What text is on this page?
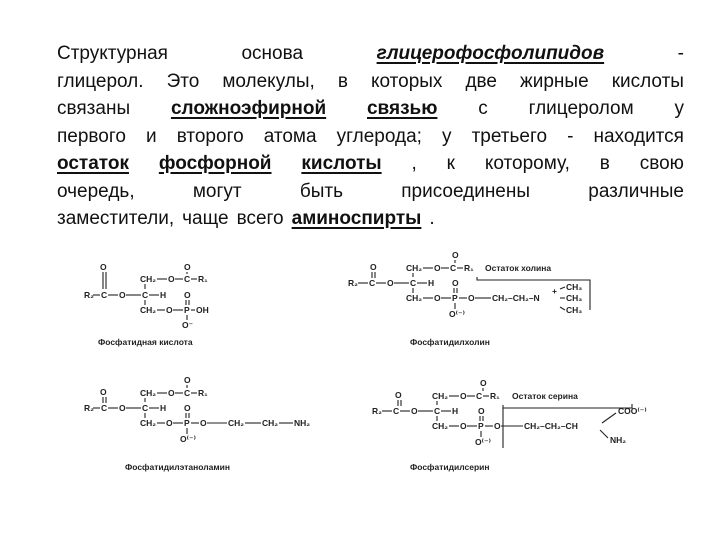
Структурная	основа	глицерофосфолипидов	-
глицерол. Это молекулы, в которых две жирные кислоты
связаны сложноэфирной связью с глицеролом у
первого и второго атома углерода; у третьего - находится
остаток фосфорной кислоты , к которому, в свою
очередь,	могут	быть	присоединены	различные
заместители, чаще всего аминоспирты .
O	O
CH₂ O C R₁
R₂ C O C H O
CH₂ O P OH
O⁻
Фосфатидная кислота
O
O
CH₂ O C R₁ Остаток холина
R₂ C O C H O
CH₂ O P O CH₂–CH₂–N
+ CH₃
CH₃
CH₃
O⁽⁻⁾
Фосфатидилхолин
O
O
CH₂ O C R₁
R₂ C O C H O
CH₂ O P O	CH₂ CH₂ NH₂
O⁽⁻⁾
Фосфатидилэтаноламин
O
O
CH₂ O C R₁ Остаток серина
R₂ C O C H O
CH₂ O P O	CH₂–CH₂–CH
COO⁽⁻⁾
NH₂
O⁽⁻⁾
Фосфатидилсерин
